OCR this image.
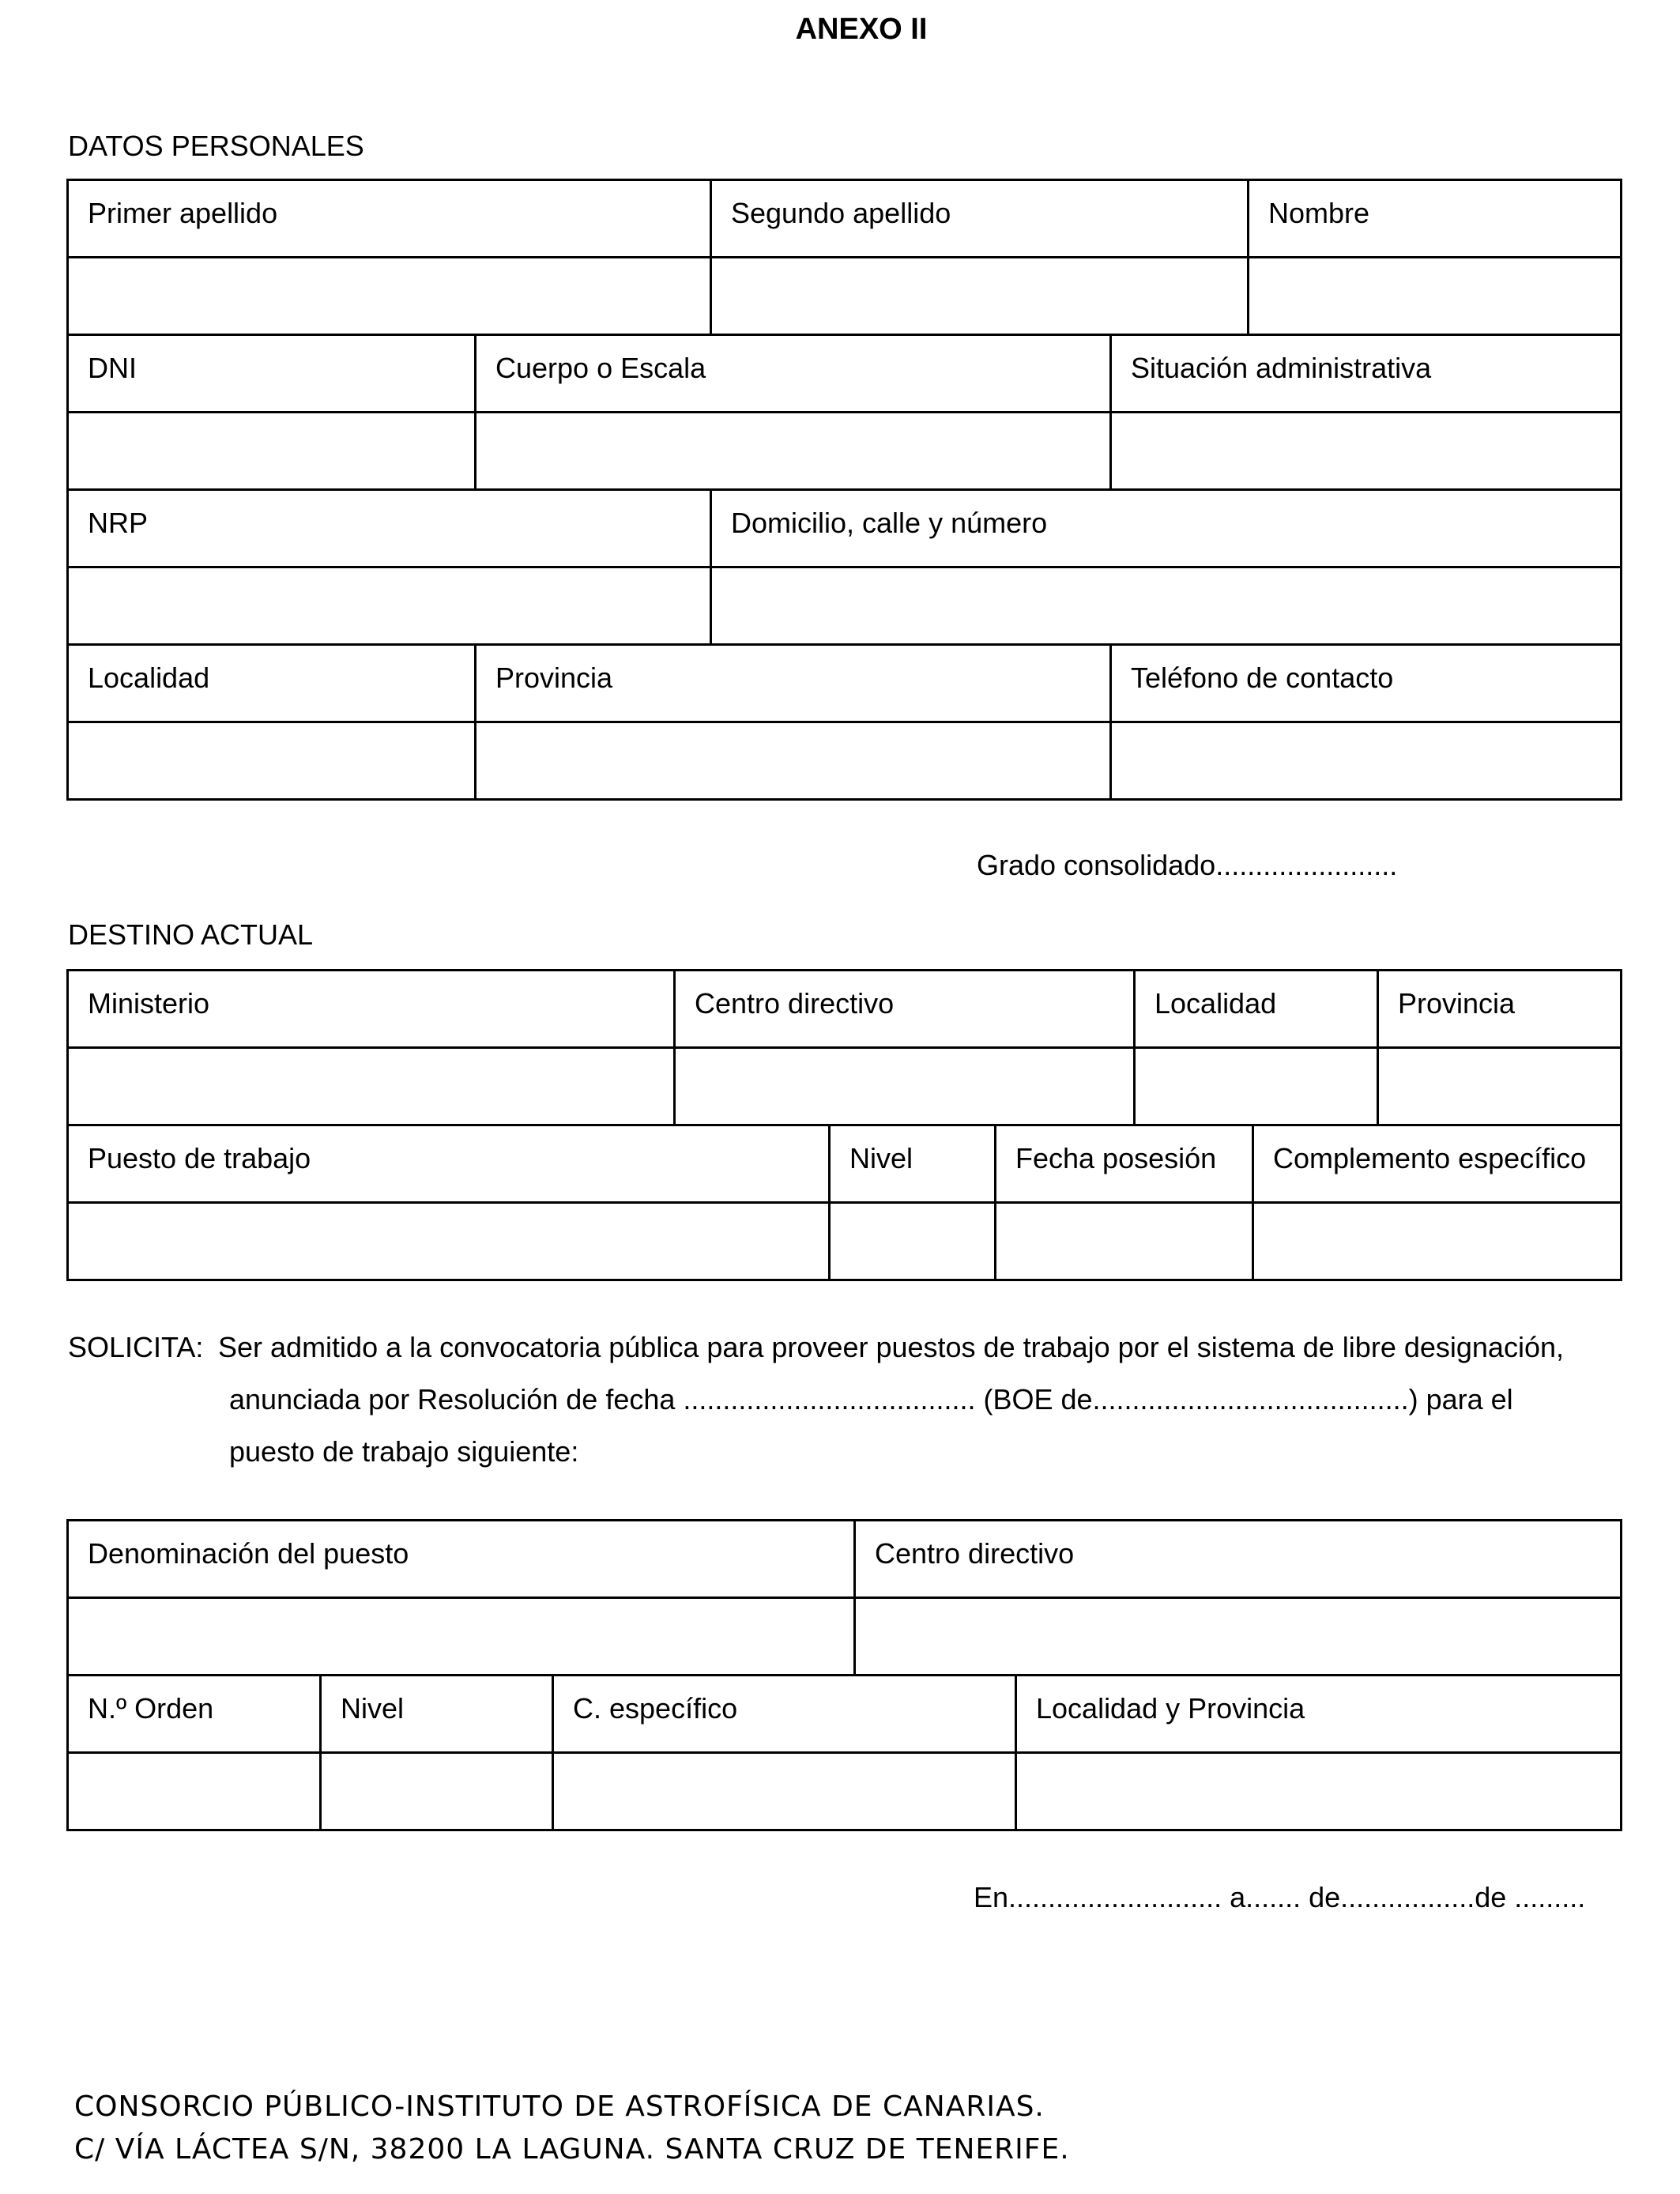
ANEXO II
DATOS PERSONALES
Grado consolidado.......................
DESTINO ACTUAL
SOLICITA: Ser admitido a la convocatoria pública para proveer puestos de trabajo por el sistema de libre designación,
anunciada por Resolución de fecha ..................................... (BOE de........................................) para el
puesto de trabajo siguiente:
En........................... a....... de.................de .........
CONSORCIO PÚBLICO-INSTITUTO DE ASTROFÍSICA DE CANARIAS.
C/ VÍA LÁCTEA S/N, 38200 LA LAGUNA. SANTA CRUZ DE TENERIFE.
Primer apellido	Segundo apellido	Nombre
DNI	Cuerpo o Escala	Situación administrativa
NRP	Domicilio, calle y número
Localidad	Provincia	Teléfono de contacto
Ministerio	Centro directivo	Localidad	Provincia
Puesto de trabajo	Nivel	Fecha posesión	Complemento específico
Denominación del puesto	Centro directivo
N.º Orden	Nivel	C. específico	Localidad y Provincia
